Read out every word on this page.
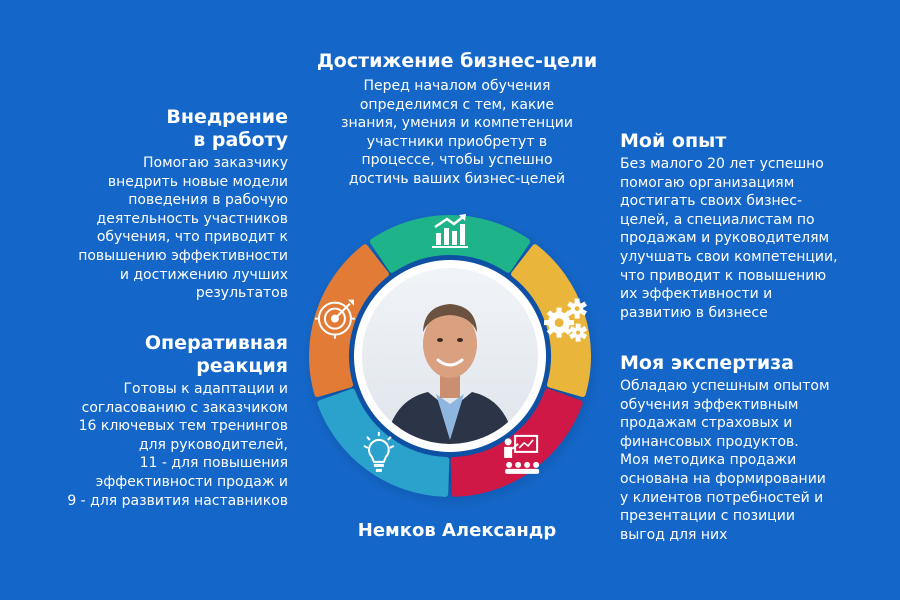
Достижение бизнес-цели

Перед началом обучения
определимся с тем, какие
знания, умения и компетенции
участники приобретут в
процессе, чтобы успешно
достичь ваших бизнес-целей

Внедрение
в работу

Помогаю заказчику
внедрить новые модели
поведения в рабочую
деятельность участников
обучения, что приводит к
повышению эффективности
и достижению лучших
результатов

Оперативная
реакция

Готовы к адаптации и
согласованию с заказчиком
16 ключевых тем тренингов
для руководителей,
11 - для повышения
эффективности продаж и
9 - для развития наставников

Мой опыт

Без малого 20 лет успешно
помогаю организациям
достигать своих бизнес-
целей, а специалистам по
продажам и руководителям
улучшать свои компетенции,
что приводит к повышению
их эффективности и
развитию в бизнесе

Моя экспертиза

Обладаю успешным опытом
обучения эффективным
продажам страховых и
финансовых продуктов.
Моя методика продажи
основана на формировании
у клиентов потребностей и
презентации с позиции
выгод для них

Немков Александр
